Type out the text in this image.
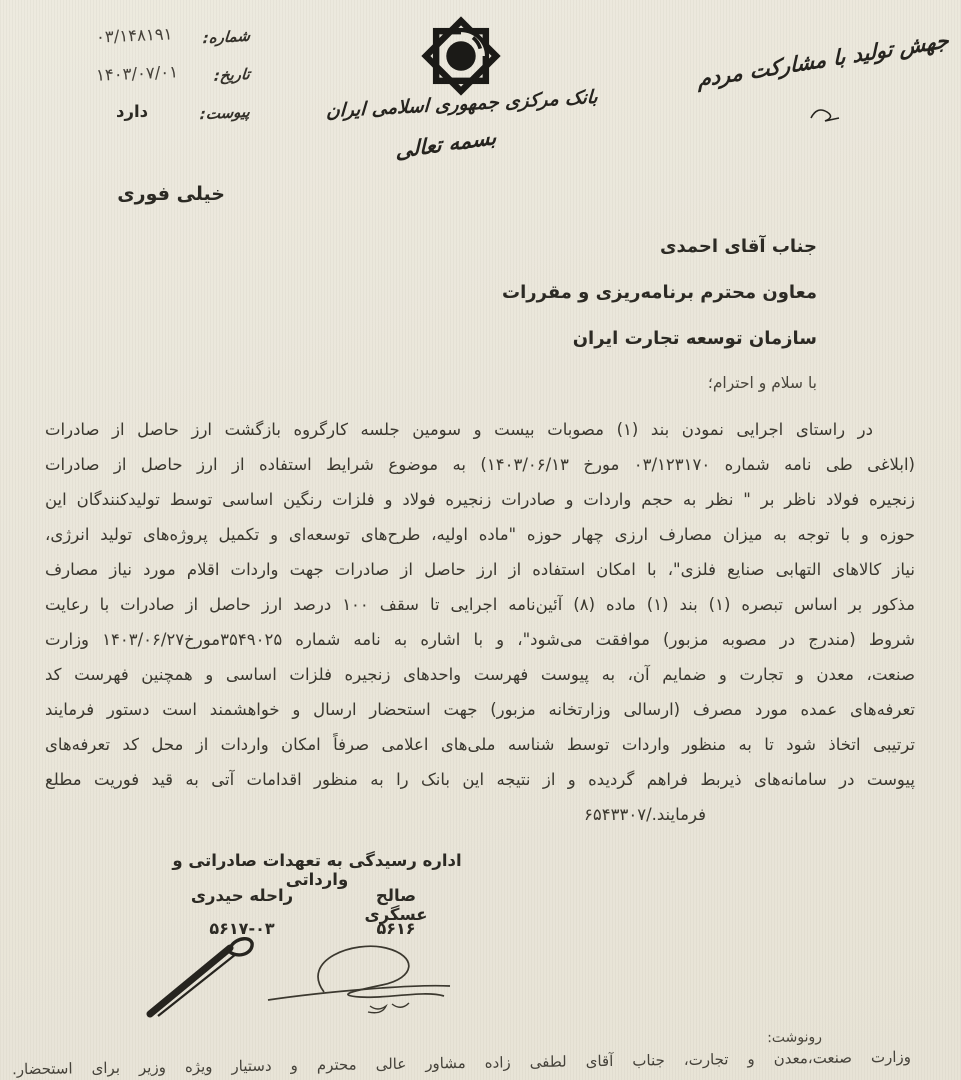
شماره:
۰۳/۱۴۸۱۹۱
تاریخ:
۱۴۰۳/۰۷/۰۱
پیوست:
دارد	بانک مرکزی جمهوری اسلامی ایران
بسمه تعالی
جهش تولید با مشارکت مردم
خیلی فوری
جناب آقای احمدی
معاون محترم برنامه‌ریزی و مقررات
سازمان توسعه تجارت ایران
با سلام و احترام؛
در راستای اجرایی نمودن بند (۱) مصوبات بیست و سومین جلسه کارگروه بازگشت ارز حاصل از صادرات
(ابلاغی طی نامه شماره ۰۳/۱۲۳۱۷۰ مورخ ۱۴۰۳/۰۶/۱۳) به موضوع شرایط استفاده از ارز حاصل از صادرات
زنجیره فولاد ناظر بر " نظر به حجم واردات و صادرات زنجیره فولاد و فلزات رنگین اساسی توسط تولیدکنندگان این
حوزه و با توجه به میزان مصارف ارزی چهار حوزه "ماده اولیه، طرح‌های توسعه‌ای و تکمیل پروژه‌های تولید انرژی،
نیاز کالاهای التهابی صنایع فلزی"، با امکان استفاده از ارز حاصل از صادرات جهت واردات اقلام مورد نیاز مصارف
مذکور بر اساس تبصره (۱) بند (۱) ماده (۸) آئین‌نامه اجرایی تا سقف ۱۰۰ درصد ارز حاصل از صادرات با رعایت
شروط (مندرج در مصوبه مزبور) موافقت می‌شود"، و با اشاره به نامه شماره ۳۵۴۹۰۲۵مورخ۱۴۰۳/۰۶/۲۷ وزارت
صنعت، معدن و تجارت و ضمایم آن، به پیوست فهرست واحدهای زنجیره فلزات اساسی و همچنین فهرست کد
تعرفه‌های عمده مورد مصرف (ارسالی وزارتخانه مزبور) جهت استحضار ارسال و خواهشمند است دستور فرمایند
ترتیبی اتخاذ شود تا به منظور واردات توسط شناسه ملی‌های اعلامی صرفاً امکان واردات از محل کد تعرفه‌های
پیوست در سامانه‌های ذیربط فراهم گردیده و از نتیجه این بانک را به منظور اقدامات آتی به قید فوریت مطلع
فرمایند./۶۵۴۳۳۰۷
اداره رسیدگی به تعهدات صادراتی و وارداتی
صالح عسگری
۵۶۱۶
راحله حیدری
۵۶۱۷-۰۳
رونوشت:
وزارت صنعت،معدن و تجارت، جناب آقای لطفی زاده مشاور عالی محترم و دستیار ویژه وزیر برای استحضار.
